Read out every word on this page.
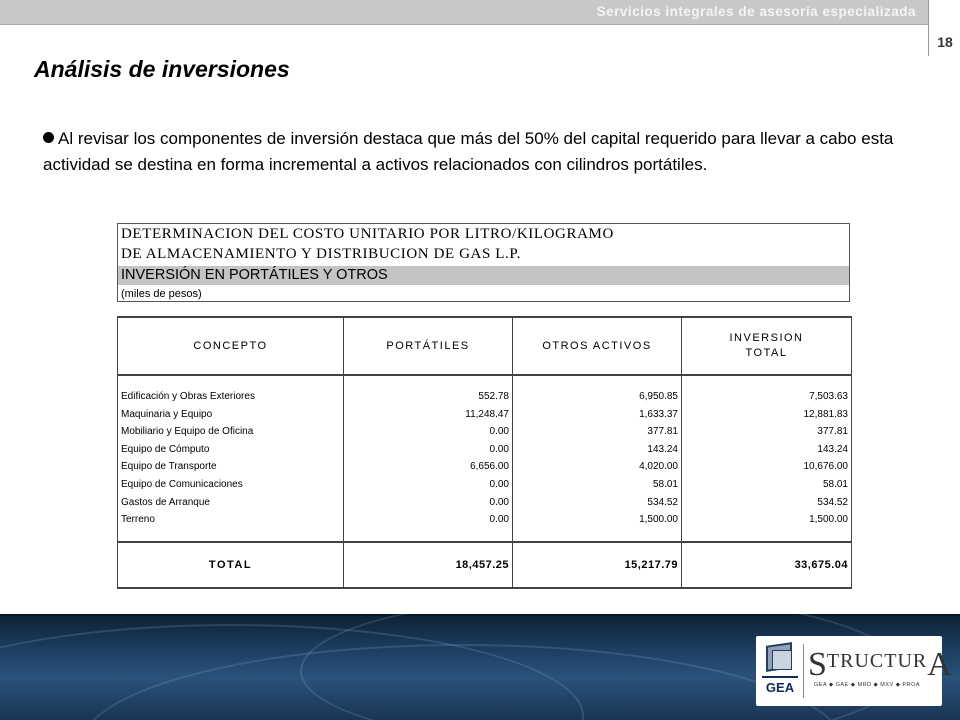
Servicios integrales de asesoría especializada
18
Análisis de inversiones
Al revisar los componentes de inversión destaca que más del 50% del capital requerido para llevar a cabo esta actividad se destina en forma incremental a activos relacionados con cilindros portátiles.
DETERMINACION DEL COSTO UNITARIO POR LITRO/KILOGRAMO
DE ALMACENAMIENTO Y DISTRIBUCION DE GAS L.P.
INVERSIÓN EN PORTÁTILES Y OTROS
(miles de pesos)
CONCEPTO	PORTÁTILES	OTROS ACTIVOS	INVERSION
TOTAL

Edificación y Obras Exteriores	552.78	6,950.85	7,503.63
Maquinaria y Equipo	11,248.47	1,633.37	12,881.83
Mobiliario y Equipo de Oficina	0.00	377.81	377.81
Equipo de Cómputo	0.00	143.24	143.24
Equipo de Transporte	6,656.00	4,020.00	10,676.00
Equipo de Comunicaciones	0.00	58.01	58.01
Gastos de Arranque	0.00	534.52	534.52
Terreno	0.00	1,500.00	1,500.00

TOTAL	18,457.25	15,217.79	33,675.04
GEA
STRUCTURA
GEA ◆ GAE ◆ MRD ◆ MXV ◆ PROA
